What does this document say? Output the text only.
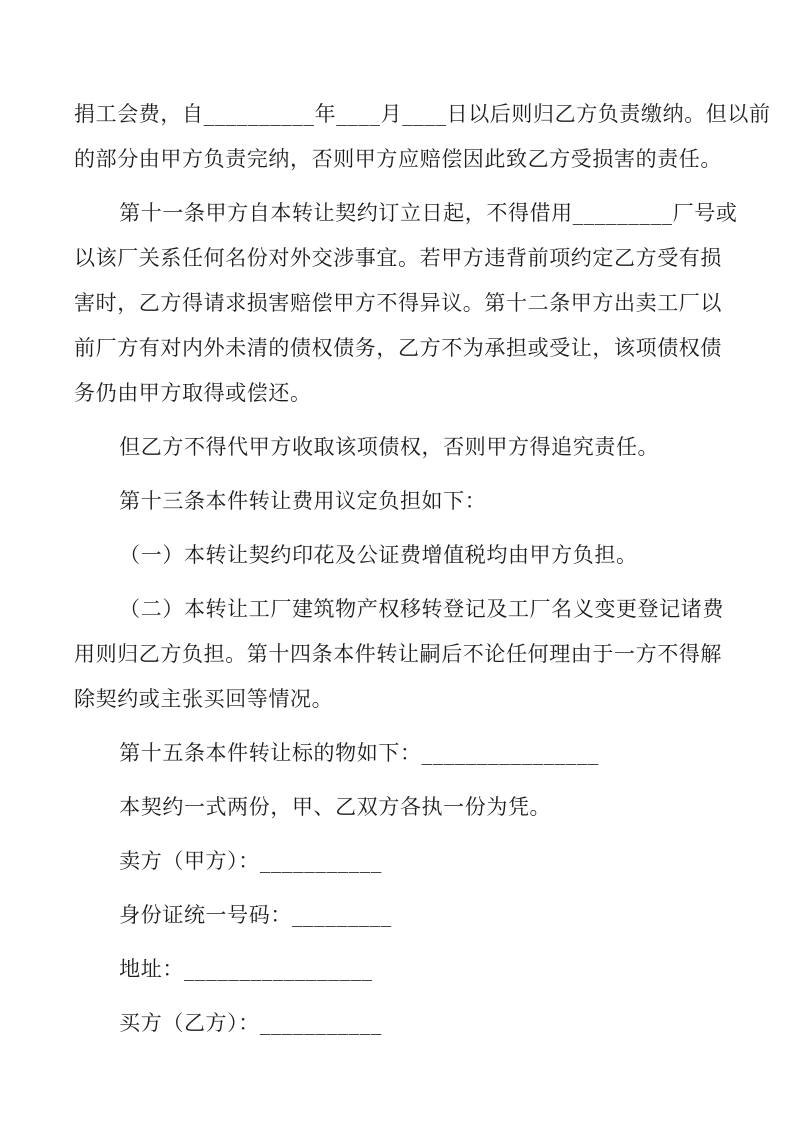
捐工会费，自__________年____月____日以后则归乙方负责缴纳。但以前
的部分由甲方负责完纳，否则甲方应赔偿因此致乙方受损害的责任。
第十一条甲方自本转让契约订立日起，不得借用_________厂号或
以该厂关系任何名份对外交涉事宜。若甲方违背前项约定乙方受有损
害时，乙方得请求损害赔偿甲方不得异议。第十二条甲方出卖工厂以
前厂方有对内外未清的债权债务，乙方不为承担或受让，该项债权债
务仍由甲方取得或偿还。
但乙方不得代甲方收取该项债权，否则甲方得追究责任。
第十三条本件转让费用议定负担如下：
（一）本转让契约印花及公证费增值税均由甲方负担。
（二）本转让工厂建筑物产权移转登记及工厂名义变更登记诸费
用则归乙方负担。第十四条本件转让嗣后不论任何理由于一方不得解
除契约或主张买回等情况。
第十五条本件转让标的物如下：________________
本契约一式两份，甲、乙双方各执一份为凭。
卖方（甲方）：___________
身份证统一号码：_________
地址：_________________
买方（乙方）：___________
